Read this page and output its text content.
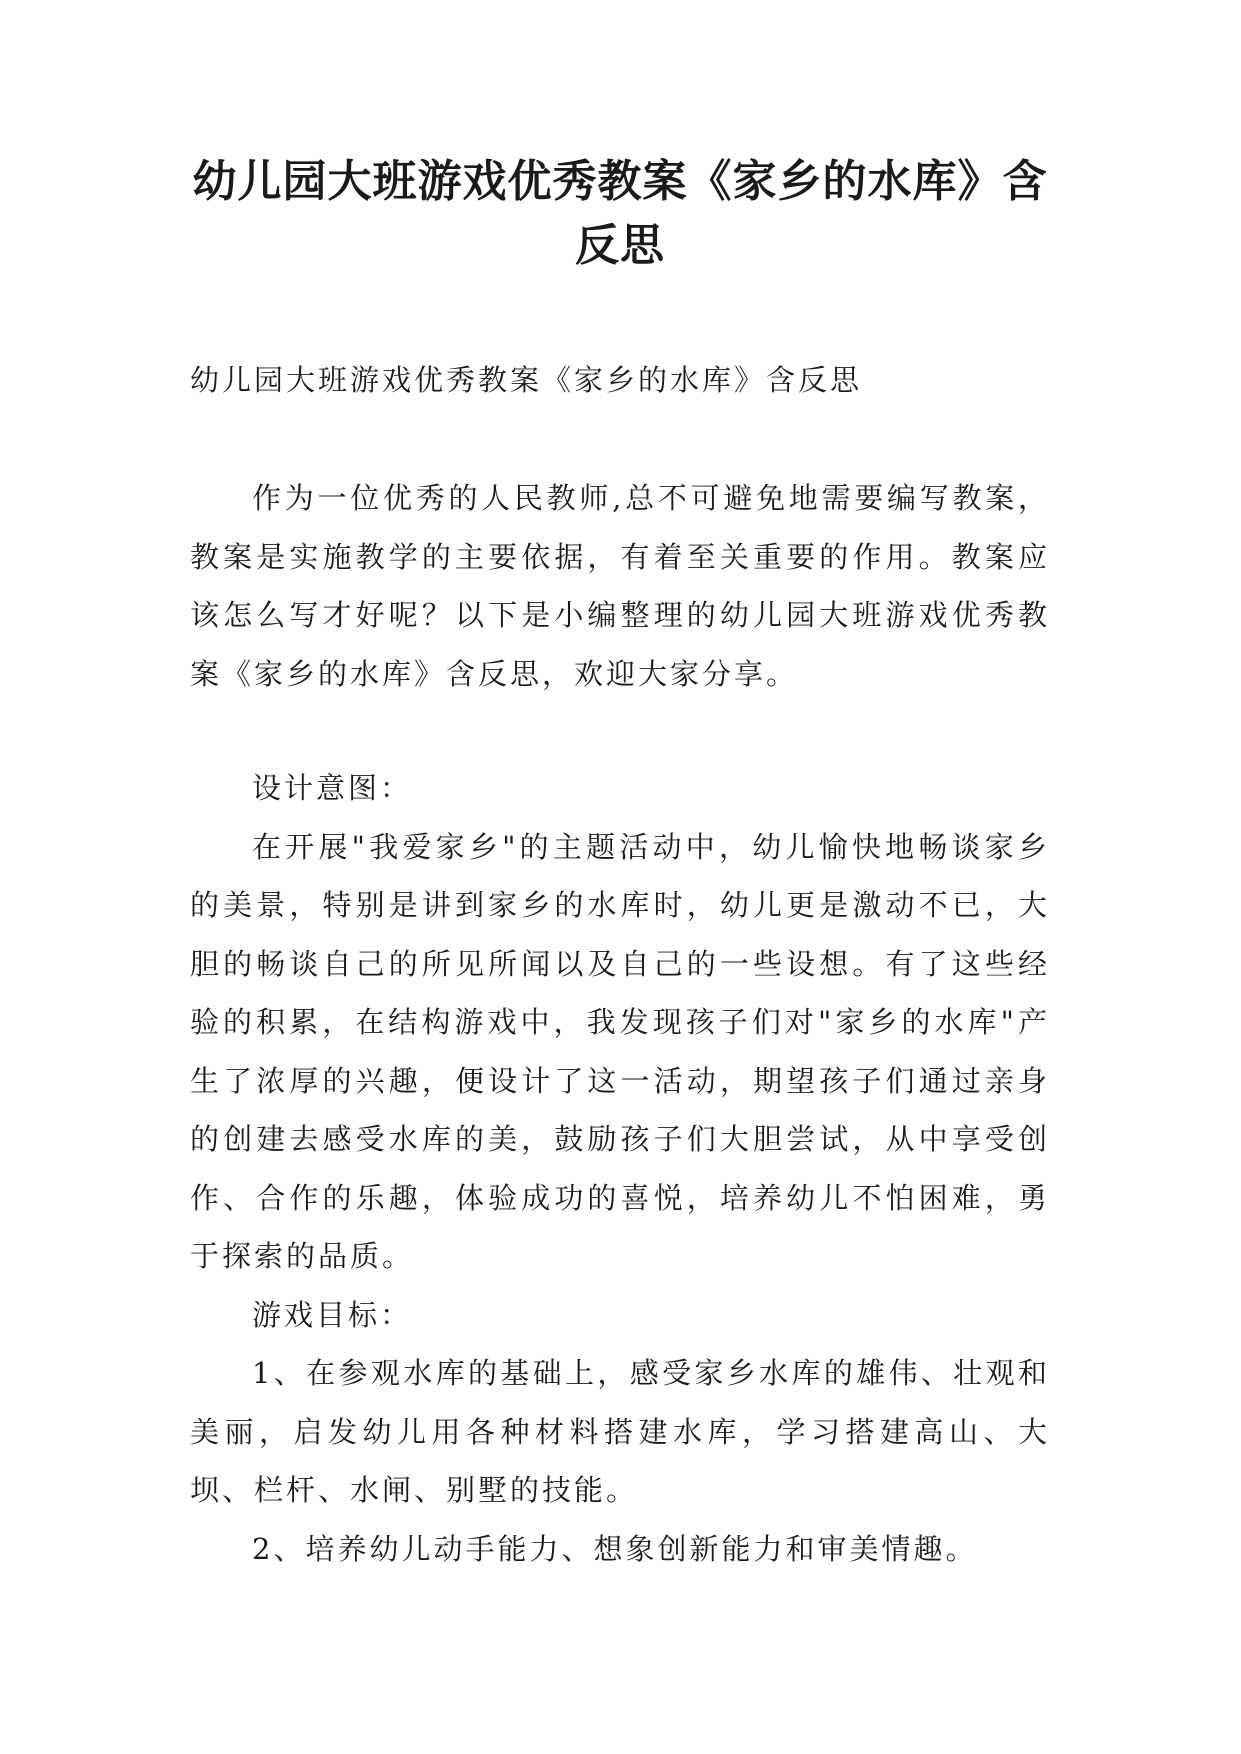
幼儿园大班游戏优秀教案《家乡的水库》含反思

幼儿园大班游戏优秀教案《家乡的水库》含反思

作为一位优秀的人民教师,总不可避免地需要编写教案，教案是实施教学的主要依据，有着至关重要的作用。教案应该怎么写才好呢？以下是小编整理的幼儿园大班游戏优秀教案《家乡的水库》含反思，欢迎大家分享。

设计意图：

在开展"我爱家乡"的主题活动中，幼儿愉快地畅谈家乡的美景，特别是讲到家乡的水库时，幼儿更是激动不已，大胆的畅谈自己的所见所闻以及自己的一些设想。有了这些经验的积累，在结构游戏中，我发现孩子们对"家乡的水库"产生了浓厚的兴趣，便设计了这一活动，期望孩子们通过亲身的创建去感受水库的美，鼓励孩子们大胆尝试，从中享受创作、合作的乐趣，体验成功的喜悦，培养幼儿不怕困难，勇于探索的品质。

游戏目标：

1、在参观水库的基础上，感受家乡水库的雄伟、壮观和美丽，启发幼儿用各种材料搭建水库，学习搭建高山、大坝、栏杆、水闸、别墅的技能。

2、培养幼儿动手能力、想象创新能力和审美情趣。
